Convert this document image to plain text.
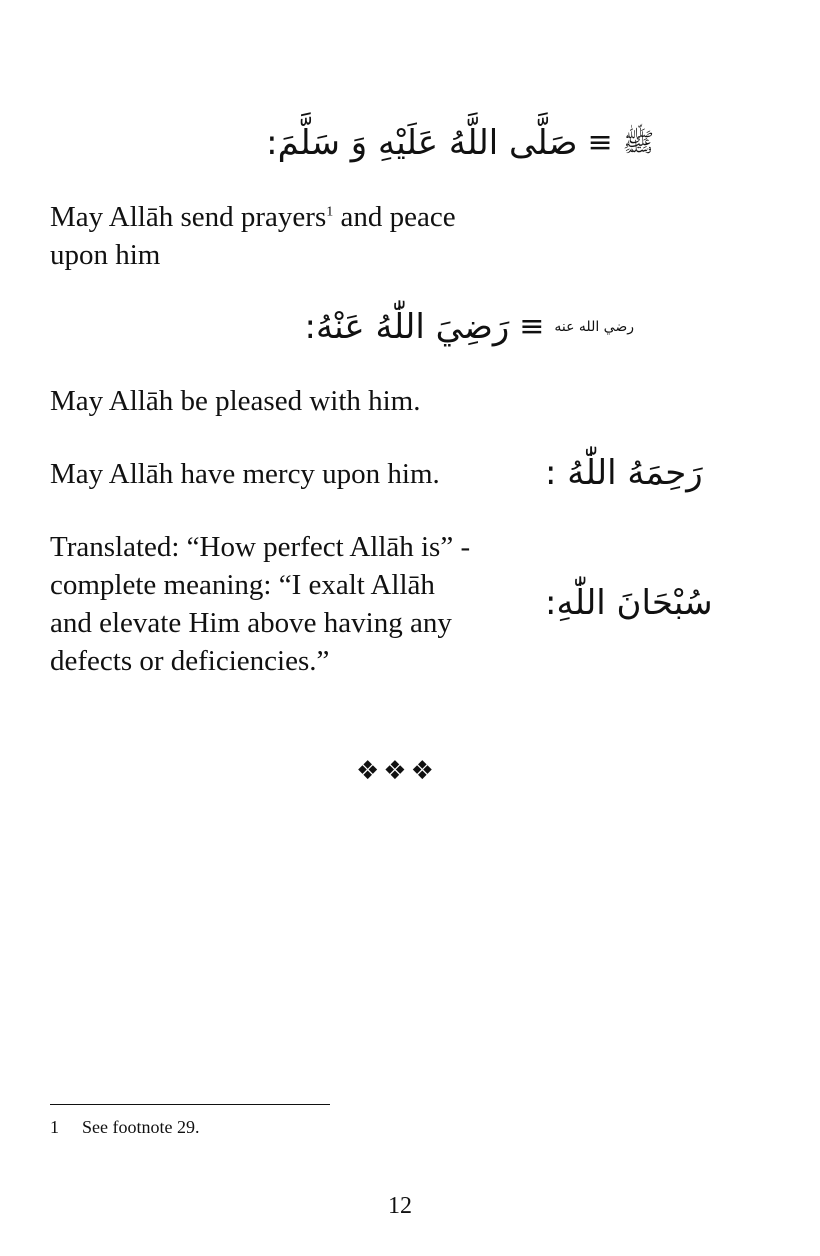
ﷺ
≡
صَلَّى اللَّهُ عَلَيْهِ وَ سَلَّمَ:
May Allāh send prayers$^1$ and peace
upon him
رضي الله عنه
≡
رَضِيَ اللّٰهُ عَنْهُ:
May Allāh be pleased with him.
May Allāh have mercy upon him.	رَحِمَهُ اللّٰهُ :
Translated: “How perfect Allāh is” -
complete meaning: “I exalt Allāh
and elevate Him above having any
defects or deficiencies.”
سُبْحَانَ اللّٰهِ:
❖❖❖
1 See footnote 29.
12
